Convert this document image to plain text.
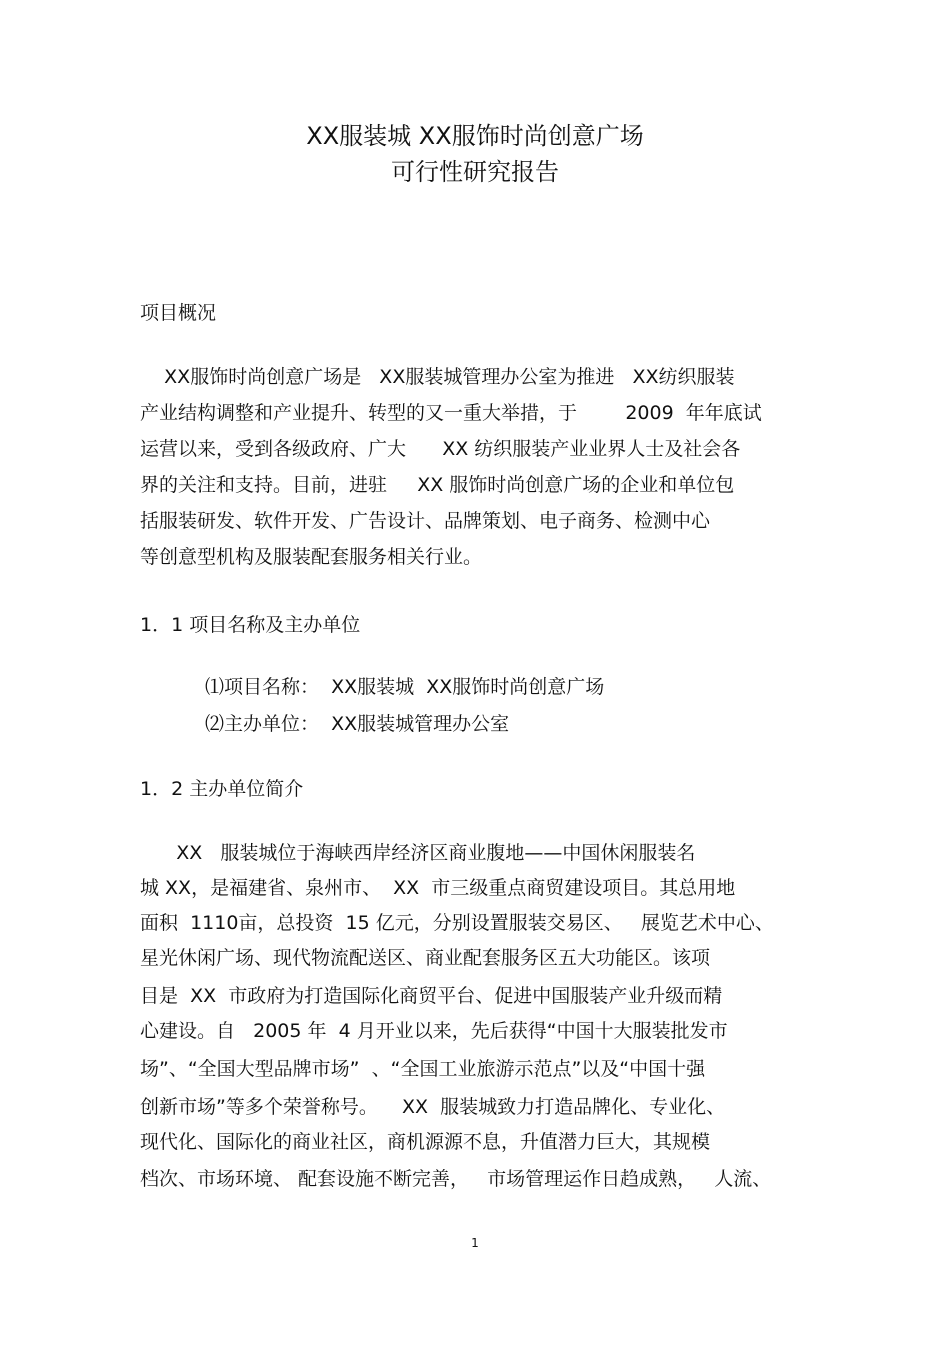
XX服装城 XX服饰时尚创意广场
可行性研究报告
项目概况
XX服饰时尚创意广场是   XX服装城管理办公室为推进   XX纺织服装
产业结构调整和产业提升、转型的又一重大举措，于        2009  年年底试
运营以来，受到各级政府、广大      XX 纺织服装产业业界人士及社会各
界的关注和支持。目前，进驻     XX 服饰时尚创意广场的企业和单位包
括服装研发、软件开发、广告设计、品牌策划、电子商务、检测中心
等创意型机构及服装配套服务相关行业。
1．1 项目名称及主办单位
⑴项目名称：  XX服装城  XX服饰时尚创意广场
⑵主办单位：  XX服装城管理办公室
1．2 主办单位简介
XX   服装城位于海峡西岸经济区商业腹地——中国休闲服装名
城 XX，是福建省、泉州市、  XX  市三级重点商贸建设项目。其总用地
面积  1110亩，总投资  15 亿元，分别设置服装交易区、   展览艺术中心、
星光休闲广场、现代物流配送区、商业配套服务区五大功能区。该项
目是  XX  市政府为打造国际化商贸平台、促进中国服装产业升级而精
心建设。自   2005 年  4 月开业以来，先后获得“中国十大服装批发市
场”、“全国大型品牌市场”  、“全国工业旅游示范点”以及“中国十强
创新市场”等多个荣誉称号。    XX  服装城致力打造品牌化、专业化、
现代化、国际化的商业社区，商机源源不息，升值潜力巨大，其规模
档次、市场环境、 配套设施不断完善，   市场管理运作日趋成熟，   人流、
1
